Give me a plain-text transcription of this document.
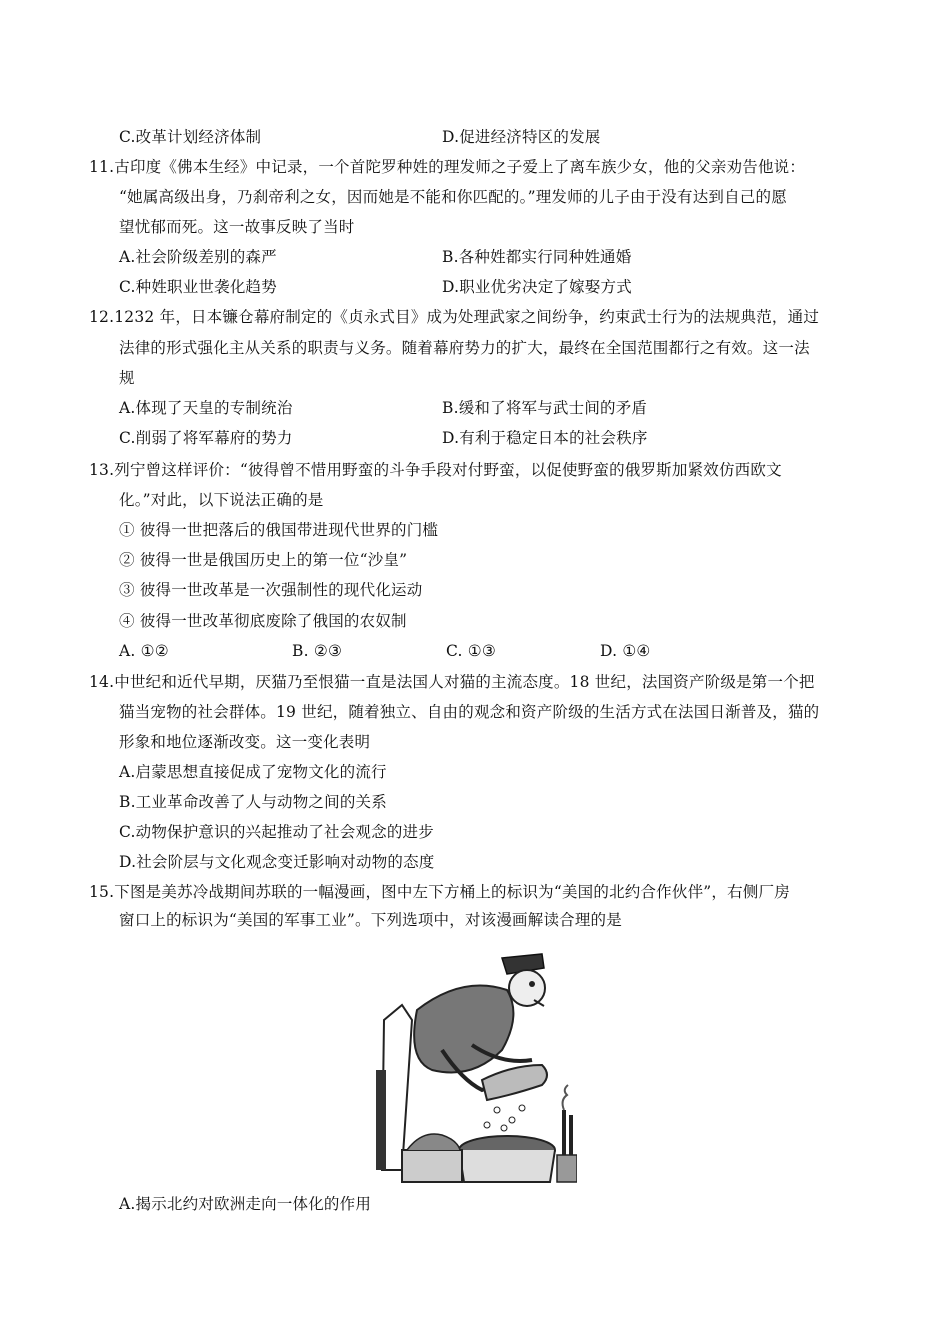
C.改革计划经济体制	D.促进经济特区的发展
11.古印度《佛本生经》中记录，一个首陀罗种姓的理发师之子爱上了离车族少女，他的父亲劝告他说：
“她属高级出身，乃刹帝利之女，因而她是不能和你匹配的。”理发师的儿子由于没有达到自己的愿
望忧郁而死。这一故事反映了当时
A.社会阶级差别的森严	B.各种姓都实行同种姓通婚
C.种姓职业世袭化趋势	D.职业优劣决定了嫁娶方式
12.1232 年，日本镰仓幕府制定的《贞永式目》成为处理武家之间纷争，约束武士行为的法规典范，通过
法律的形式强化主从关系的职责与义务。随着幕府势力的扩大，最终在全国范围都行之有效。这一法
规
A.体现了天皇的专制统治	B.缓和了将军与武士间的矛盾
C.削弱了将军幕府的势力	D.有利于稳定日本的社会秩序
13.列宁曾这样评价：“彼得曾不惜用野蛮的斗争手段对付野蛮，以促使野蛮的俄罗斯加紧效仿西欧文
化。”对此，以下说法正确的是
① 彼得一世把落后的俄国带进现代世界的门槛
② 彼得一世是俄国历史上的第一位“沙皇”
③ 彼得一世改革是一次强制性的现代化运动
④ 彼得一世改革彻底废除了俄国的农奴制
A. ①②	B. ②③	C. ①③	D. ①④
14.中世纪和近代早期，厌猫乃至恨猫一直是法国人对猫的主流态度。18 世纪，法国资产阶级是第一个把
猫当宠物的社会群体。19 世纪，随着独立、自由的观念和资产阶级的生活方式在法国日渐普及，猫的
形象和地位逐渐改变。这一变化表明
A.启蒙思想直接促成了宠物文化的流行
B.工业革命改善了人与动物之间的关系
C.动物保护意识的兴起推动了社会观念的进步
D.社会阶层与文化观念变迁影响对动物的态度
15.下图是美苏冷战期间苏联的一幅漫画，图中左下方桶上的标识为“美国的北约合作伙伴”，右侧厂房
窗口上的标识为“美国的军事工业”。下列选项中，对该漫画解读合理的是
A.揭示北约对欧洲走向一体化的作用
